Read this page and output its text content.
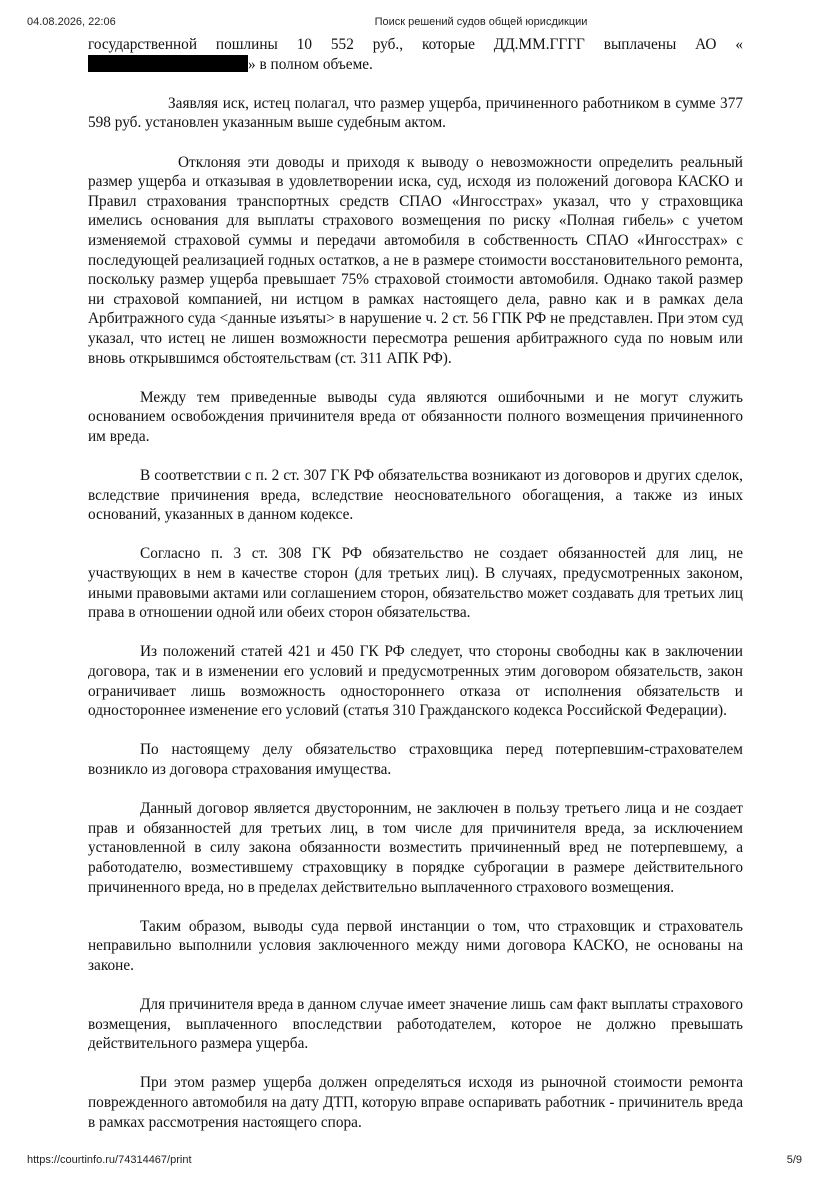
04.08.2026, 22:06	Поиск решений судов общей юрисдикции

государственной пошлины 10 552 руб., которые ДД.ММ.ГГГГ выплачены АО «» в полном объеме.

Заявляя иск, истец полагал, что размер ущерба, причиненного работником в сумме 377 598 руб. установлен указанным выше судебным актом.

Отклоняя эти доводы и приходя к выводу о невозможности определить реальный размер ущерба и отказывая в удовлетворении иска, суд, исходя из положений договора КАСКО и Правил страхования транспортных средств СПАО «Ингосстрах» указал, что у страховщика имелись основания для выплаты страхового возмещения по риску «Полная гибель» с учетом изменяемой страховой суммы и передачи автомобиля в собственность СПАО «Ингосстрах» с последующей реализацией годных остатков, а не в размере стоимости восстановительного ремонта, поскольку размер ущерба превышает 75% страховой стоимости автомобиля. Однако такой размер ни страховой компанией, ни истцом в рамках настоящего дела, равно как и в рамках дела Арбитражного суда <данные изъяты> в нарушение ч. 2 ст. 56 ГПК РФ не представлен. При этом суд указал, что истец не лишен возможности пересмотра решения арбитражного суда по новым или вновь открывшимся обстоятельствам (ст. 311 АПК РФ).

Между тем приведенные выводы суда являются ошибочными и не могут служить основанием освобождения причинителя вреда от обязанности полного возмещения причиненного им вреда.

В соответствии с п. 2 ст. 307 ГК РФ обязательства возникают из договоров и других сделок, вследствие причинения вреда, вследствие неосновательного обогащения, а также из иных оснований, указанных в данном кодексе.

Согласно п. 3 ст. 308 ГК РФ обязательство не создает обязанностей для лиц, не участвующих в нем в качестве сторон (для третьих лиц). В случаях, предусмотренных законом, иными правовыми актами или соглашением сторон, обязательство может создавать для третьих лиц права в отношении одной или обеих сторон обязательства.

Из положений статей 421 и 450 ГК РФ следует, что стороны свободны как в заключении договора, так и в изменении его условий и предусмотренных этим договором обязательств, закон ограничивает лишь возможность одностороннего отказа от исполнения обязательств и одностороннее изменение его условий (статья 310 Гражданского кодекса Российской Федерации).

По настоящему делу обязательство страховщика перед потерпевшим-страхователем возникло из договора страхования имущества.

Данный договор является двусторонним, не заключен в пользу третьего лица и не создает прав и обязанностей для третьих лиц, в том числе для причинителя вреда, за исключением установленной в силу закона обязанности возместить причиненный вред не потерпевшему, а работодателю, возместившему страховщику в порядке суброгации в размере действительного причиненного вреда, но в пределах действительно выплаченного страхового возмещения.

Таким образом, выводы суда первой инстанции о том, что страховщик и страхователь неправильно выполнили условия заключенного между ними договора КАСКО, не основаны на законе.

Для причинителя вреда в данном случае имеет значение лишь сам факт выплаты страхового возмещения, выплаченного впоследствии работодателем, которое не должно превышать действительного размера ущерба.

При этом размер ущерба должен определяться исходя из рыночной стоимости ремонта поврежденного автомобиля на дату ДТП, которую вправе оспаривать работник - причинитель вреда в рамках рассмотрения настоящего спора.

https://courtinfo.ru/74314467/print	5/9
